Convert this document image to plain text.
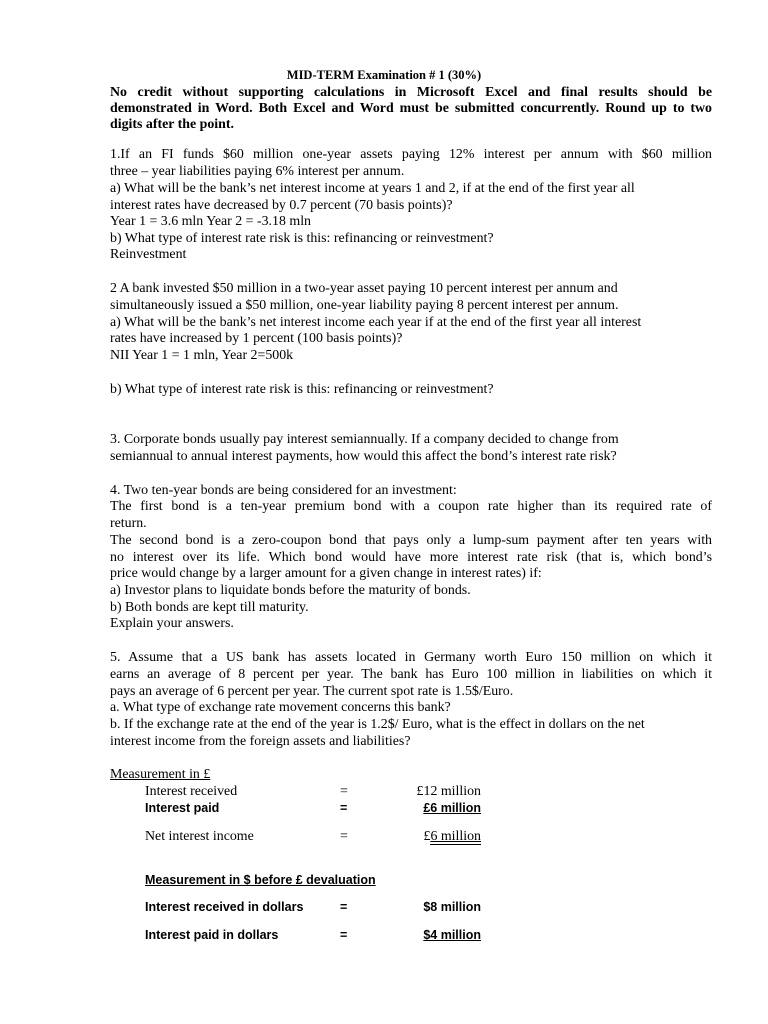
MID-TERM Examination # 1 (30%)
No credit without supporting calculations in Microsoft Excel and final results should be
demonstrated in Word. Both Excel and Word must be submitted concurrently. Round up to two
digits after the point.
1.If an FI funds $60 million one-year assets paying 12% interest per annum with $60 million
three – year liabilities paying 6% interest per annum.
a) What will be the bank’s net interest income at years 1 and 2, if at the end of the first year all
interest rates have decreased by 0.7 percent (70 basis points)?
Year 1 = 3.6 mln Year 2 = -3.18 mln
b) What type of interest rate risk is this: refinancing or reinvestment?
Reinvestment
2 A bank invested $50 million in a two-year asset paying 10 percent interest per annum and
simultaneously issued a $50 million, one-year liability paying 8 percent interest per annum.
a) What will be the bank’s net interest income each year if at the end of the first year all interest
rates have increased by 1 percent (100 basis points)?
NII Year 1 = 1 mln, Year 2=500k
b) What type of interest rate risk is this: refinancing or reinvestment?
3. Corporate bonds usually pay interest semiannually. If a company decided to change from
semiannual to annual interest payments, how would this affect the bond’s interest rate risk?
4. Two ten-year bonds are being considered for an investment:
The first bond is a ten-year premium bond with a coupon rate higher than its required rate of
return.
The second bond is a zero-coupon bond that pays only a lump-sum payment after ten years with
no interest over its life. Which bond would have more interest rate risk (that is, which bond’s
price would change by a larger amount for a given change in interest rates) if:
a) Investor plans to liquidate bonds before the maturity of bonds.
b) Both bonds are kept till maturity.
Explain your answers.
5. Assume that a US bank has assets located in Germany worth Euro 150 million on which it
earns an average of 8 percent per year. The bank has Euro 100 million in liabilities on which it
pays an average of 6 percent per year. The current spot rate is 1.5$/Euro.
a. What type of exchange rate movement concerns this bank?
b. If the exchange rate at the end of the year is 1.2$/ Euro, what is the effect in dollars on the net
interest income from the foreign assets and liabilities?
Measurement in £
Interest received	=	£12 million
Interest paid	=	£6 million
Net interest income	=	£6 million
Measurement in $ before £ devaluation
Interest received in dollars	=	$8 million
Interest paid in dollars	=	$4 million
